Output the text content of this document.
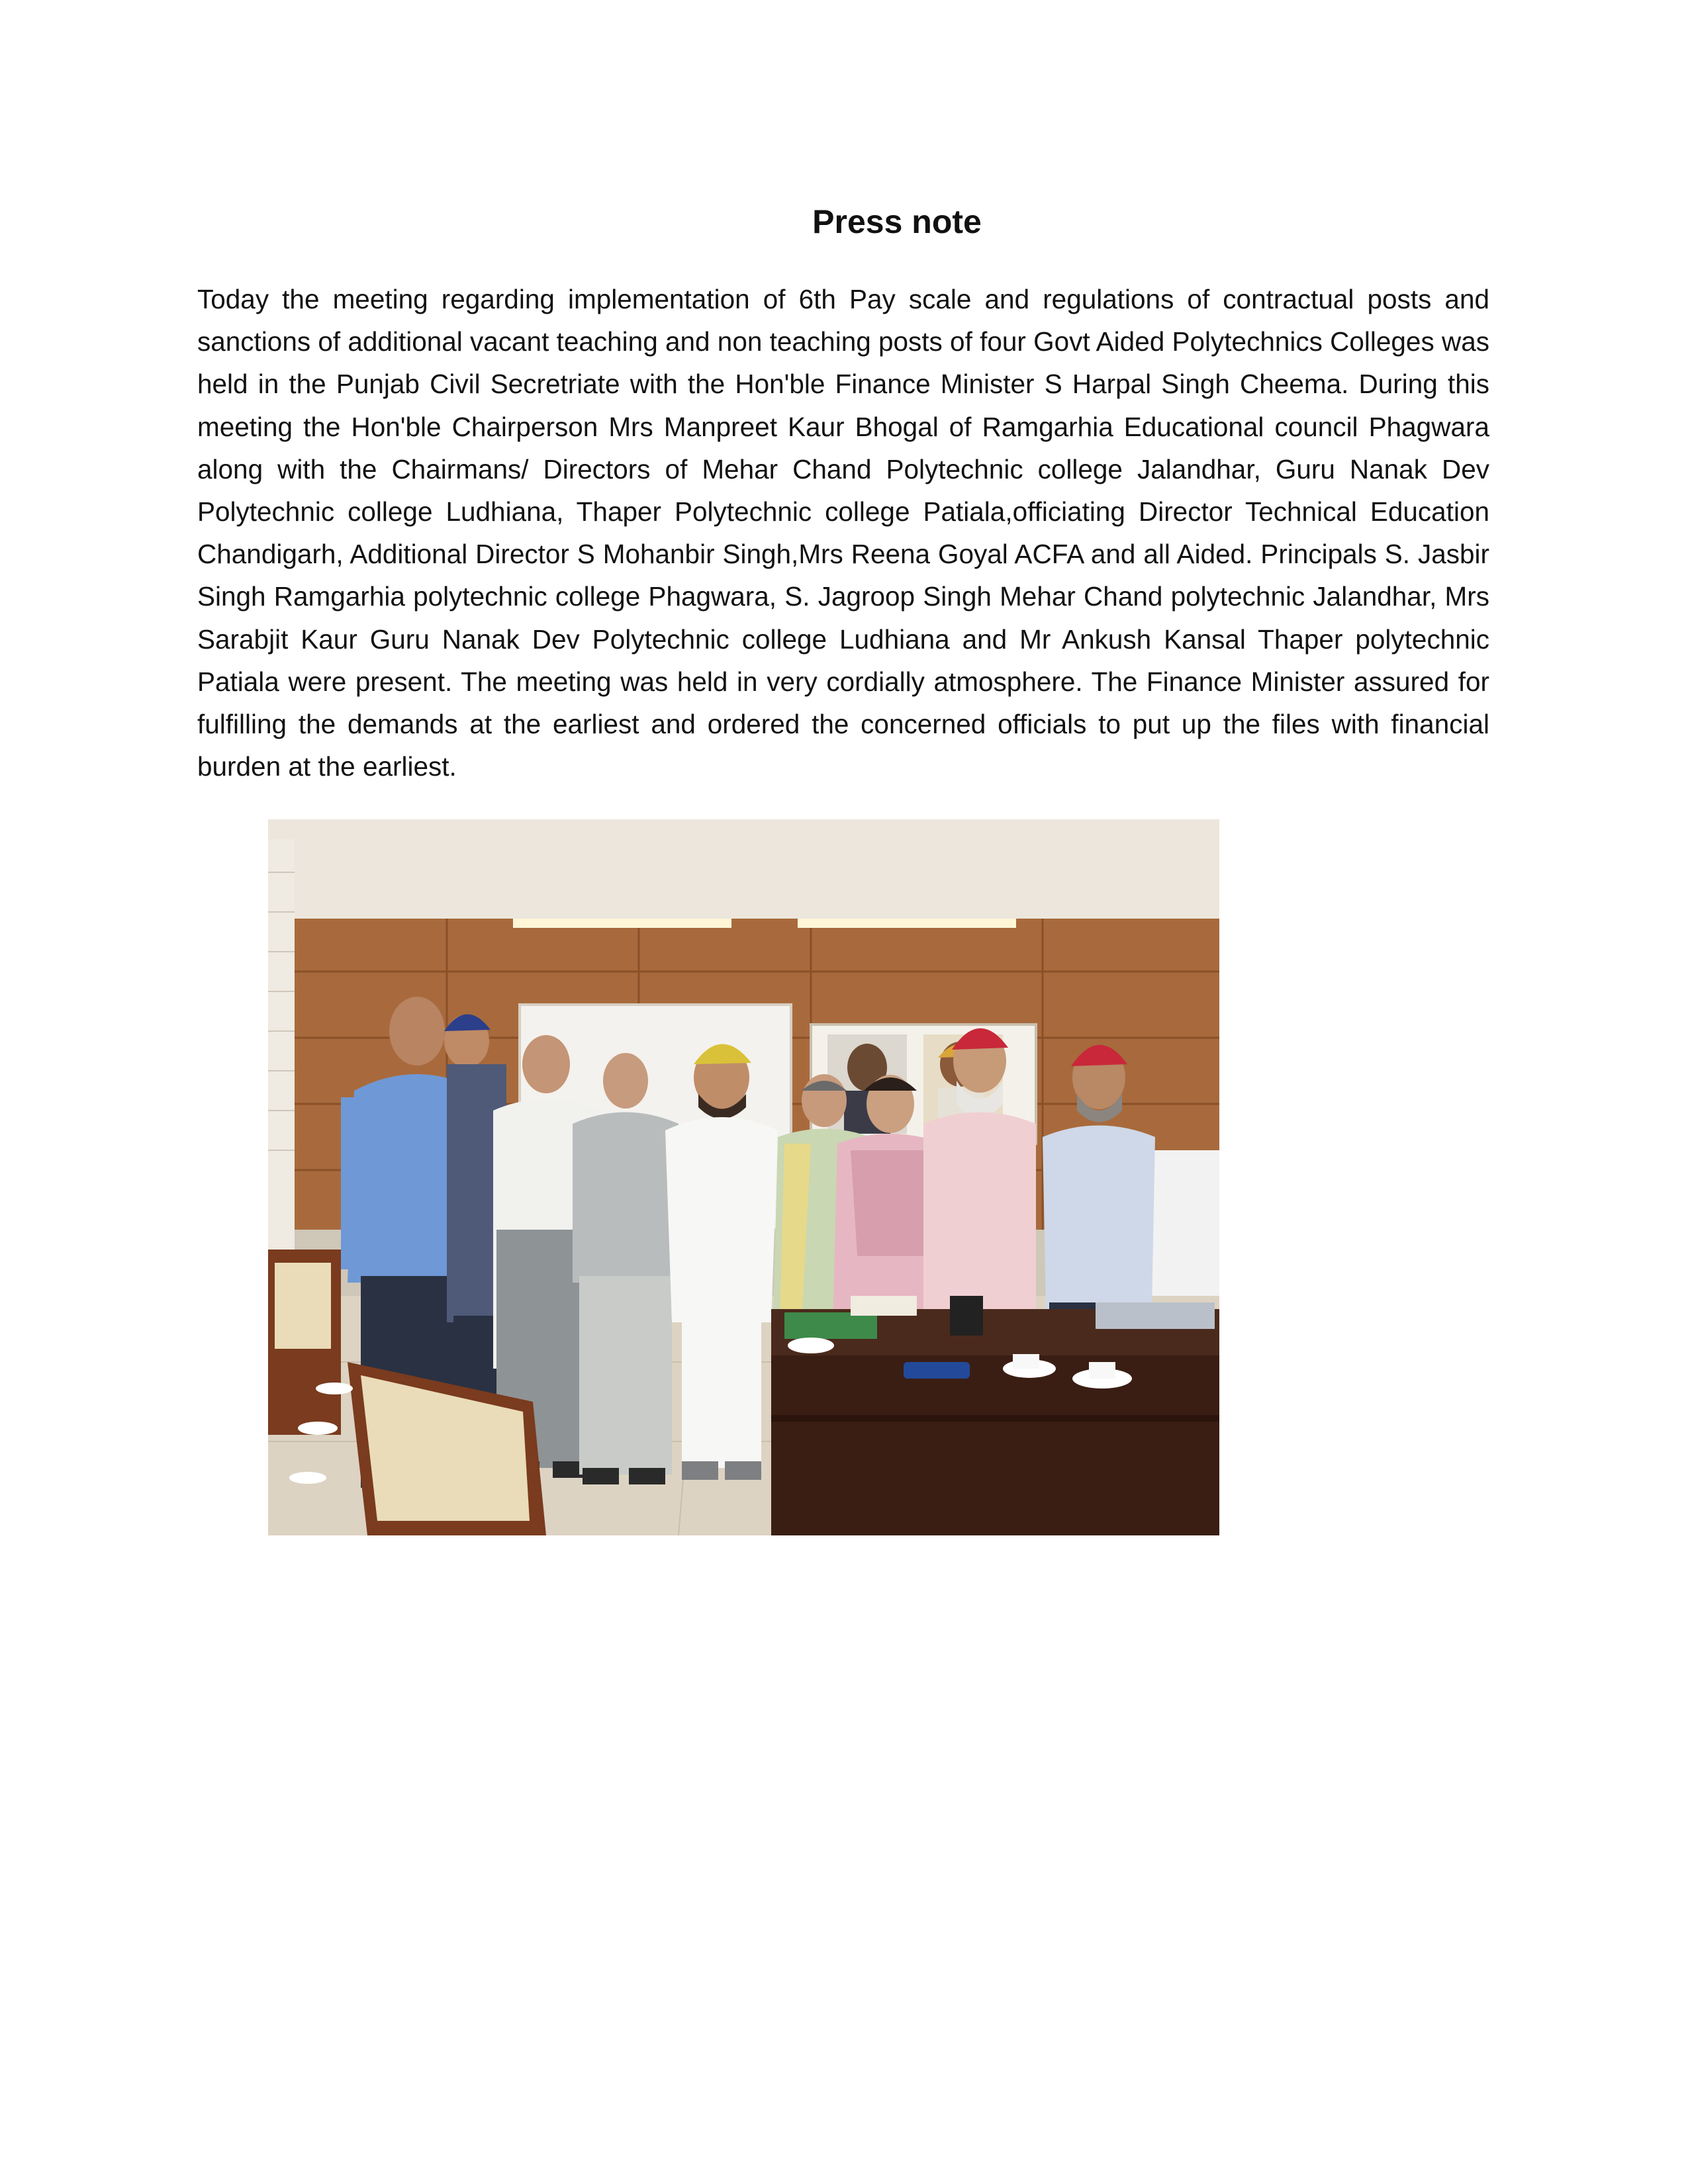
Press note
Today the meeting regarding implementation of 6th Pay scale and regulations of contractual posts and sanctions of additional vacant teaching and non teaching posts of four Govt Aided Polytechnics Colleges was held in the Punjab Civil Secretriate with the Hon'ble Finance Minister S Harpal Singh Cheema. During this meeting the Hon'ble Chairperson Mrs Manpreet Kaur Bhogal of Ramgarhia Educational council Phagwara along with the Chairmans/ Directors of Mehar Chand Polytechnic college Jalandhar, Guru Nanak Dev Polytechnic college Ludhiana, Thaper Polytechnic college Patiala,officiating Director Technical Education Chandigarh, Additional Director S Mohanbir Singh,Mrs Reena Goyal ACFA and all Aided. Principals S. Jasbir Singh Ramgarhia polytechnic college Phagwara, S. Jagroop Singh Mehar Chand polytechnic Jalandhar, Mrs Sarabjit Kaur Guru Nanak Dev Polytechnic college Ludhiana and Mr Ankush Kansal Thaper polytechnic Patiala were present. The meeting was held in very cordially atmosphere. The Finance Minister assured for fulfilling the demands at the earliest and ordered the concerned officials to put up the files with financial burden at the earliest.
